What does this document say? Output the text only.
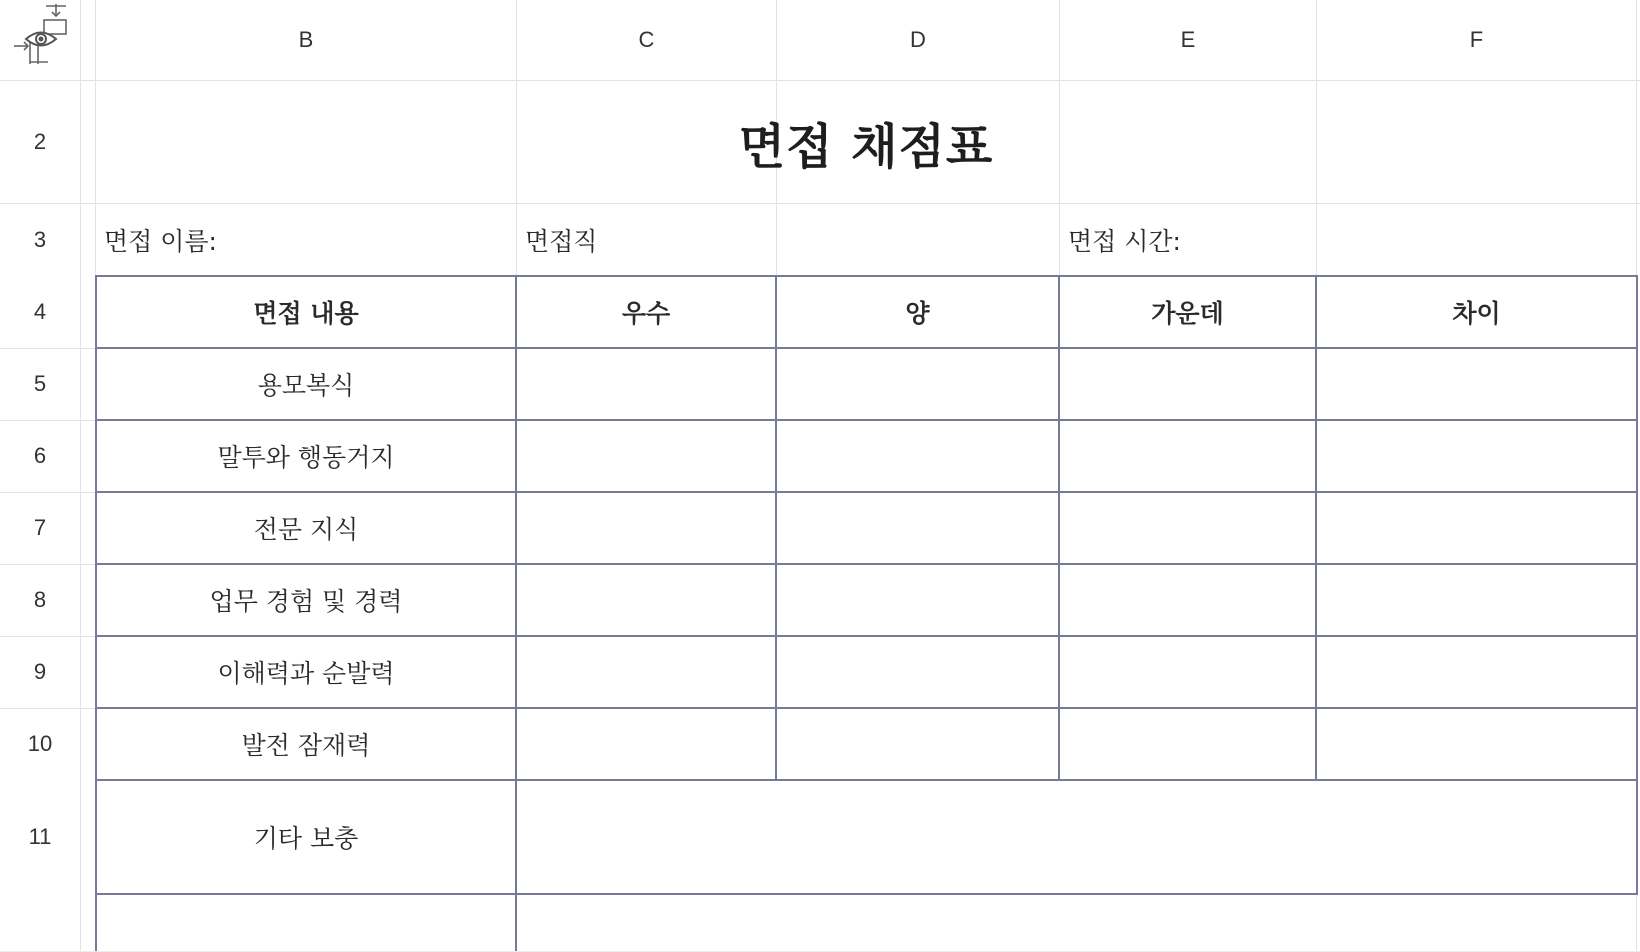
B	C	D	E	F
2
3
4
5
6
7
8
9
10
11
면접 채점표
면접 이름:	면접직	면접 시간:
면접 내용	우수	양	가운데	차이
용모복식
말투와 행동거지
전문 지식
업무 경험 및 경력
이해력과 순발력
발전 잠재력
기타 보충
